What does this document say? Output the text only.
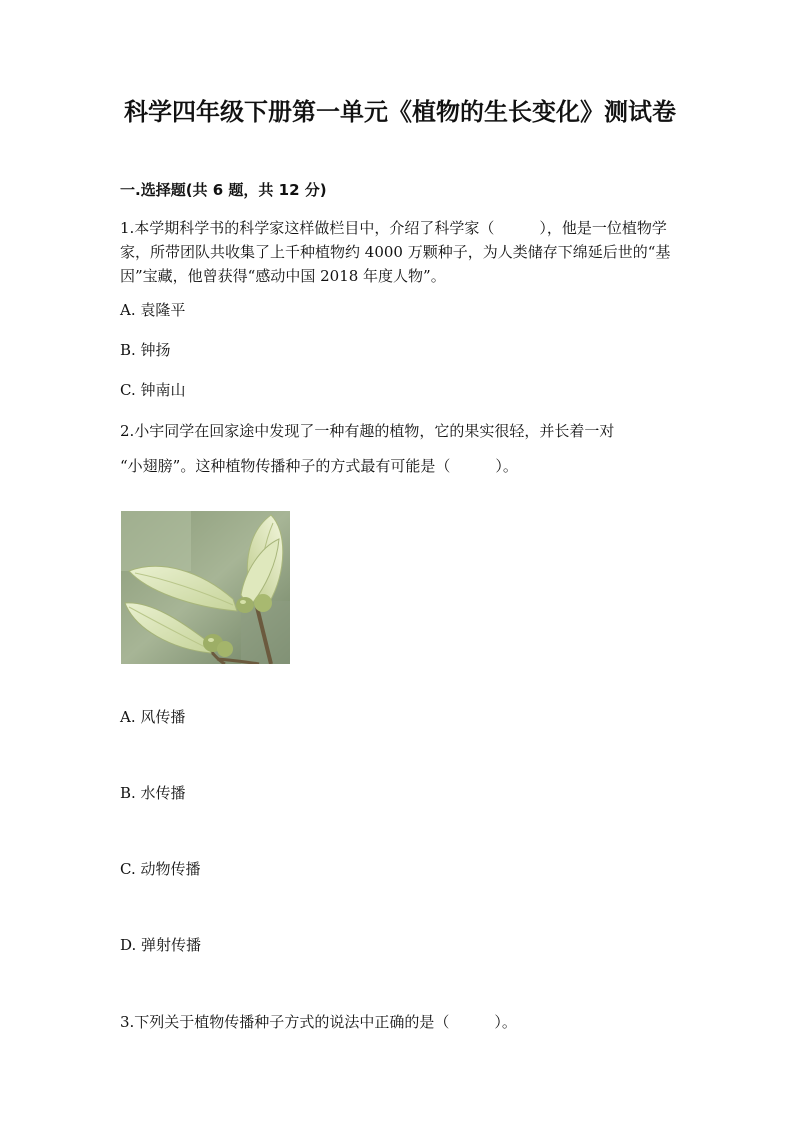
科学四年级下册第一单元《植物的生长变化》测试卷
一.选择题(共 6 题，共 12 分)

1.本学期科学书的科学家这样做栏目中，介绍了科学家（　　　），他是一位植物学家，所带团队共收集了上千种植物约 4000 万颗种子，为人类储存下绵延后世的“基因”宝藏，他曾获得“感动中国 2018 年度人物”。

A. 袁隆平
B. 钟扬
C. 钟南山
2.小宇同学在回家途中发现了一种有趣的植物，它的果实很轻，并长着一对
“小翅膀”。这种植物传播种子的方式最有可能是（　　　）。
A. 风传播
B. 水传播
C. 动物传播
D. 弹射传播
3.下列关于植物传播种子方式的说法中正确的是（　　　）。
